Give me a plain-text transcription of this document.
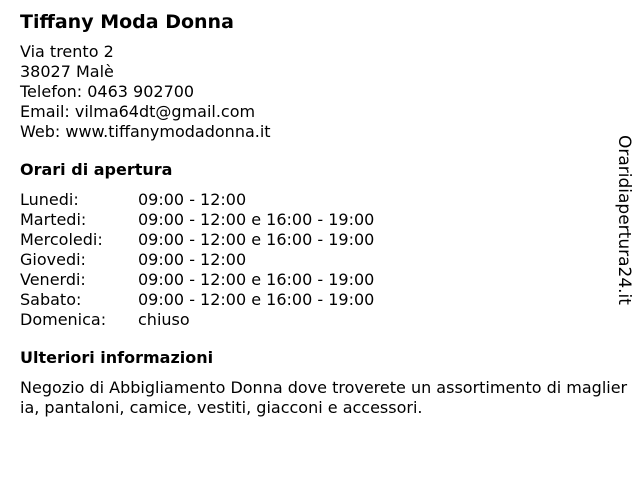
Tiffany Moda Donna
Via trento 2
38027 Malè
Telefon: 0463 902700
Email: vilma64dt@gmail.com
Web: www.tiffanymodadonna.it
Orari di apertura
Lunedi:	09:00 - 12:00
Martedi:	09:00 - 12:00 e 16:00 - 19:00
Mercoledi:	09:00 - 12:00 e 16:00 - 19:00
Giovedi:	09:00 - 12:00
Venerdi:	09:00 - 12:00 e 16:00 - 19:00
Sabato:	09:00 - 12:00 e 16:00 - 19:00
Domenica:	chiuso
Ulteriori informazioni
Negozio di Abbigliamento Donna dove troverete un assortimento di maglieria, pantaloni, camice, vestiti, giacconi e accessori.
Oraridiapertura24.it
